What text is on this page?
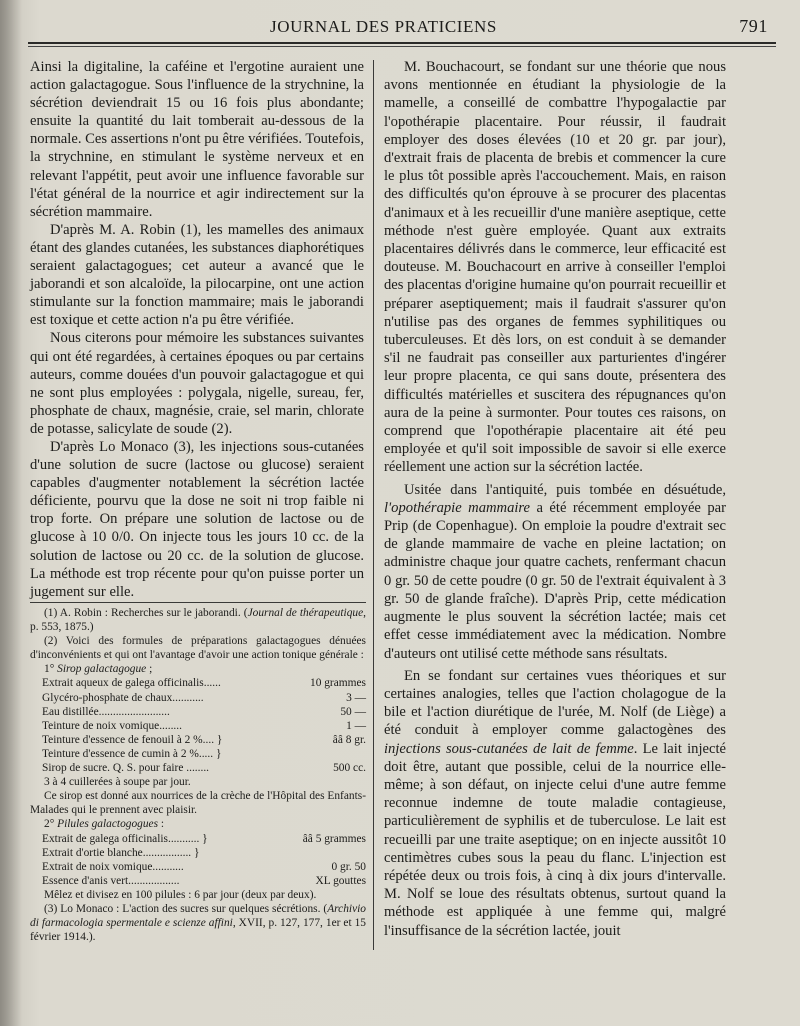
JOURNAL DES PRATICIENS	791

Ainsi la digitaline, la caféine et l'ergotine auraient une action galactagogue. Sous l'influence de la strychnine, la sécrétion deviendrait 15 ou 16 fois plus abondante; ensuite la quantité du lait tomberait au-dessous de la normale. Ces assertions n'ont pu être vérifiées. Toutefois, la strychnine, en stimulant le système nerveux et en relevant l'appétit, peut avoir une influence favorable sur l'état général de la nourrice et agir indirectement sur la sécrétion mammaire.

D'après M. A. Robin (1), les mamelles des animaux étant des glandes cutanées, les substances diaphorétiques seraient galactagogues; cet auteur a avancé que le jaborandi et son alcaloïde, la pilocarpine, ont une action stimulante sur la fonction mammaire; mais le jaborandi est toxique et cette action n'a pu être vérifiée.

Nous citerons pour mémoire les substances suivantes qui ont été regardées, à certaines époques ou par certains auteurs, comme douées d'un pouvoir galactagogue et qui ne sont plus employées : polygala, nigelle, sureau, fer, phosphate de chaux, magnésie, craie, sel marin, chlorate de potasse, salicylate de soude (2).

D'après Lo Monaco (3), les injections sous-cutanées d'une solution de sucre (lactose ou glucose) seraient capables d'augmenter notablement la sécrétion lactée déficiente, pourvu que la dose ne soit ni trop faible ni trop forte. On prépare une solution de lactose ou de glucose à 10 0/0. On injecte tous les jours 10 cc. de la solution de lactose ou 20 cc. de la solution de glucose. La méthode est trop récente pour qu'on puisse porter un jugement sur elle.

(1) A. Robin : Recherches sur le jaborandi. (Journal de thérapeutique, p. 553, 1875.)

(2) Voici des formules de préparations galactagogues dénuées d'inconvénients et qui ont l'avantage d'avoir une action tonique générale :

1° Sirop galactagogue ;

Extrait aqueux de galega officinalis......	10 grammes
Glycéro-phosphate de chaux...........	3 —
Eau distillée.........................	50 —
Teinture de noix vomique........	1 —
Teinture d'essence de fenouil à 2 %.... }	ââ 8 gr.
Teinture d'essence de cumin à 2 %..... }
Sirop de sucre. Q. S. pour faire ........	500 cc.

3 à 4 cuillerées à soupe par jour.

Ce sirop est donné aux nourrices de la crèche de l'Hôpital des Enfants-Malades qui le prennent avec plaisir.

2° Pilules galactogogues :

Extrait de galega officinalis........... }	ââ 5 grammes
Extrait d'ortie blanche................. }
Extrait de noix vomique...........	0 gr. 50
Essence d'anis vert..................	XL gouttes

Mêlez et divisez en 100 pilules : 6 par jour (deux par deux).

(3) Lo Monaco : L'action des sucres sur quelques sécrétions. (Archivio di farmacologia spermentale e scienze affini, XVII, p. 127, 177, 1er et 15 février 1914.).

M. Bouchacourt, se fondant sur une théorie que nous avons mentionnée en étudiant la physiologie de la mamelle, a conseillé de combattre l'hypogalactie par l'opothérapie placentaire. Pour réussir, il faudrait employer des doses élevées (10 et 20 gr. par jour), d'extrait frais de placenta de brebis et commencer la cure le plus tôt possible après l'accouchement. Mais, en raison des difficultés qu'on éprouve à se procurer des placentas d'animaux et à les recueillir d'une manière aseptique, cette méthode n'est guère employée. Quant aux extraits placentaires délivrés dans le commerce, leur efficacité est douteuse. M. Bouchacourt en arrive à conseiller l'emploi des placentas d'origine humaine qu'on pourrait recueillir et préparer aseptiquement; mais il faudrait s'assurer qu'on n'utilise pas des organes de femmes syphilitiques ou tuberculeuses. Et dès lors, on est conduit à se demander s'il ne faudrait pas conseiller aux parturientes d'ingérer leur propre placenta, ce qui sans doute, présentera des difficultés matérielles et suscitera des répugnances qu'on aura de la peine à surmonter. Pour toutes ces raisons, on comprend que l'opothérapie placentaire ait été peu employée et qu'il soit impossible de savoir si elle exerce réellement une action sur la sécrétion lactée.

Usitée dans l'antiquité, puis tombée en désuétude, l'opothérapie mammaire a été récemment employée par Prip (de Copenhague). On emploie la poudre d'extrait sec de glande mammaire de vache en pleine lactation; on administre chaque jour quatre cachets, renfermant chacun 0 gr. 50 de cette poudre (0 gr. 50 de l'extrait équivalent à 3 gr. 50 de glande fraîche). D'après Prip, cette médication augmente le plus souvent la sécrétion lactée; mais cet effet cesse immédiatement avec la médication. Nombre d'auteurs ont utilisé cette méthode sans résultats.

En se fondant sur certaines vues théoriques et sur certaines analogies, telles que l'action cholagogue de la bile et l'action diurétique de l'urée, M. Nolf (de Liège) a été conduit à employer comme galactogènes des injections sous-cutanées de lait de femme. Le lait injecté doit être, autant que possible, celui de la nourrice elle-même; à son défaut, on injecte celui d'une autre femme reconnue indemne de toute maladie contagieuse, particulièrement de syphilis et de tuberculose. Le lait est recueilli par une traite aseptique; on en injecte aussitôt 10 centimètres cubes sous la peau du flanc. L'injection est répétée deux ou trois fois, à cinq à dix jours d'intervalle. M. Nolf se loue des résultats obtenus, surtout quand la méthode est appliquée à une femme qui, malgré l'insuffisance de la sécrétion lactée, jouit
